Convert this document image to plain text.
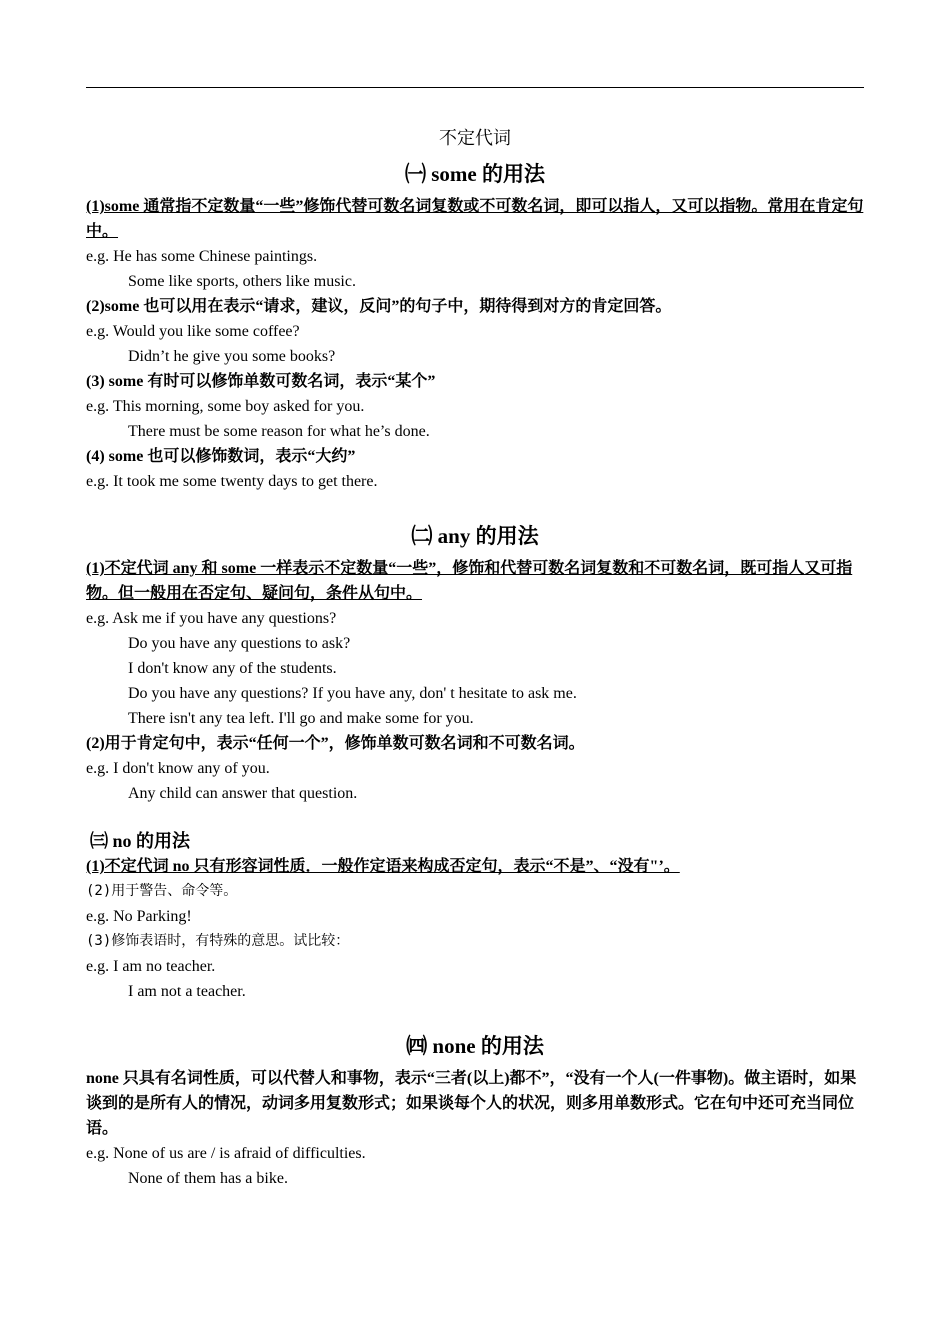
不定代词
㈠ some 的用法

(1)some 通常指不定数量“一些”修饰代替可数名词复数或不可数名词，即可以指人，又可以指物。常用在肯定句中。

e.g. He has some Chinese paintings.

Some like sports, others like music.

(2)some 也可以用在表示“请求，建议，反问”的句子中，期待得到对方的肯定回答。

e.g. Would you like some coffee?

Didn’t he give you some books?

(3) some 有时可以修饰单数可数名词，表示“某个”

e.g. This morning, some boy asked for you.

There must be some reason for what he’s done.

(4) some 也可以修饰数词，表示“大约”

e.g. It took me some twenty days to get there.

㈡ any 的用法

(1)不定代词 any 和 some 一样表示不定数量“一些”，修饰和代替可数名词复数和不可数名词，既可指人又可指物。但一般用在否定句、疑问句，条件从句中。

e.g. Ask me if you have any questions?

Do you have any questions to ask?

I don't know any of the students.

Do you have any questions? If you have any, don' t hesitate to ask me.

There isn't any tea left. I'll go and make some for you.

(2)用于肯定句中，表示“任何一个”，修饰单数可数名词和不可数名词。

e.g. I don't know any of you.

Any child can answer that question.

㈢ no 的用法

(1)不定代词 no 只有形容词性质．一般作定语来构成否定句，表示“不是”、“没有"’。

(2)用于警告、命令等。

e.g. No Parking!

(3)修饰表语时，有特殊的意思。试比较：

e.g. I am no teacher.

I am not a teacher.

㈣ none 的用法

none 只具有名词性质，可以代替人和事物，表示“三者(以上)都不”，“没有一个人(一件事物)。做主语时，如果谈到的是所有人的情况，动词多用复数形式；如果谈每个人的状况，则多用单数形式。它在句中还可充当同位语。

e.g. None of us are / is afraid of difficulties.

None of them has a bike.
